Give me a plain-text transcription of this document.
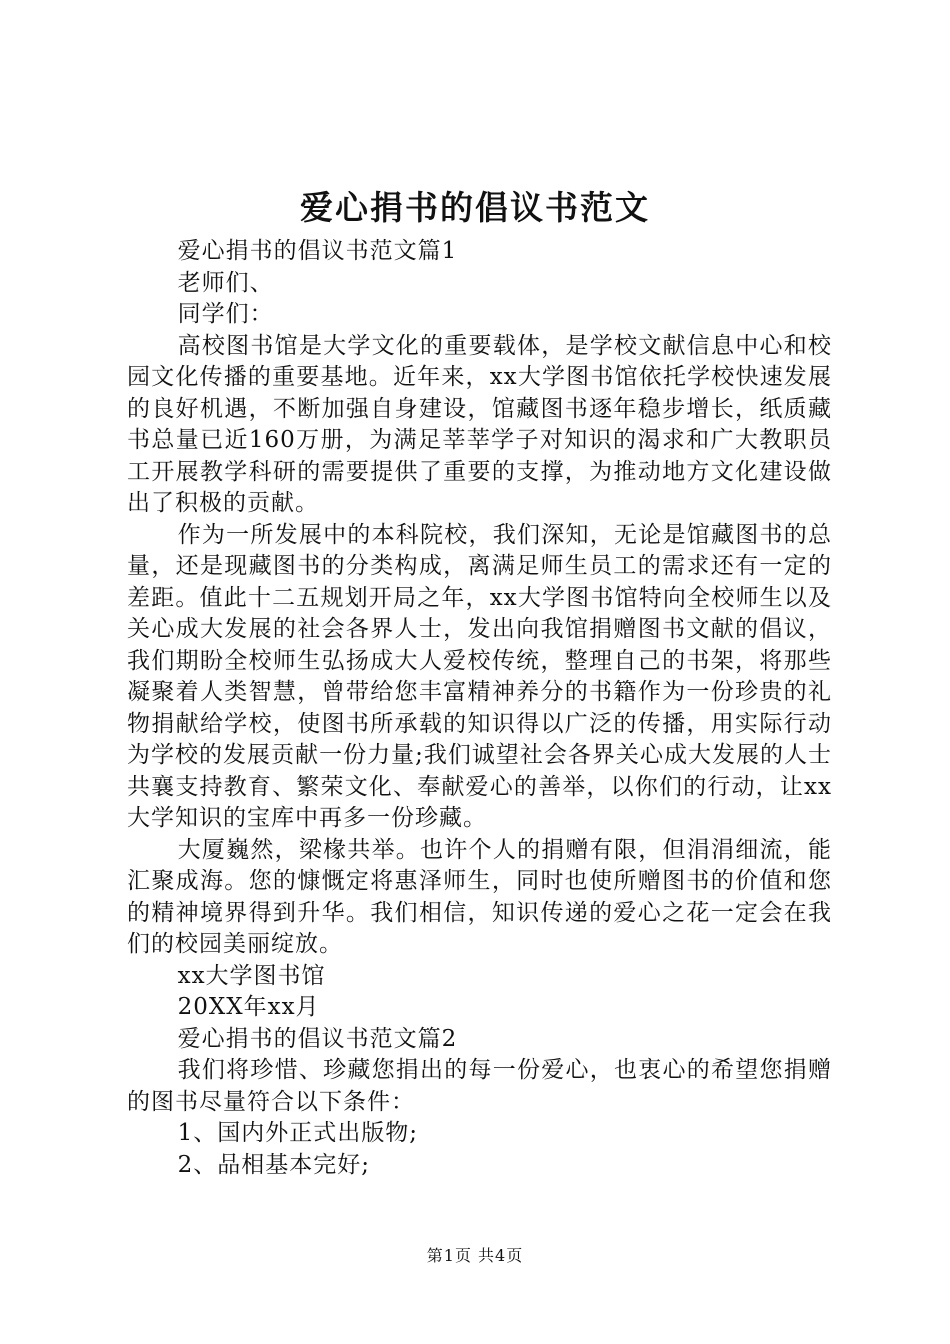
爱心捐书的倡议书范文

爱心捐书的倡议书范文篇1

老师们、

同学们：

高校图书馆是大学文化的重要载体，是学校文献信息中心和校园文化传播的重要基地。近年来，xx大学图书馆依托学校快速发展的良好机遇，不断加强自身建设，馆藏图书逐年稳步增长，纸质藏书总量已近160万册，为满足莘莘学子对知识的渴求和广大教职员工开展教学科研的需要提供了重要的支撑，为推动地方文化建设做出了积极的贡献。

作为一所发展中的本科院校，我们深知，无论是馆藏图书的总量，还是现藏图书的分类构成，离满足师生员工的需求还有一定的差距。值此十二五规划开局之年，xx大学图书馆特向全校师生以及关心成大发展的社会各界人士，发出向我馆捐赠图书文献的倡议，我们期盼全校师生弘扬成大人爱校传统，整理自己的书架，将那些凝聚着人类智慧，曾带给您丰富精神养分的书籍作为一份珍贵的礼物捐献给学校，使图书所承载的知识得以广泛的传播，用实际行动为学校的发展贡献一份力量;我们诚望社会各界关心成大发展的人士共襄支持教育、繁荣文化、奉献爱心的善举，以你们的行动，让xx大学知识的宝库中再多一份珍藏。

大厦巍然，梁椽共举。也许个人的捐赠有限，但涓涓细流，能汇聚成海。您的慷慨定将惠泽师生，同时也使所赠图书的价值和您的精神境界得到升华。我们相信，知识传递的爱心之花一定会在我们的校园美丽绽放。

xx大学图书馆

20XX年xx月

爱心捐书的倡议书范文篇2

我们将珍惜、珍藏您捐出的每一份爱心，也衷心的希望您捐赠的图书尽量符合以下条件：

1、国内外正式出版物;

2、品相基本完好;

第1页 共4页
